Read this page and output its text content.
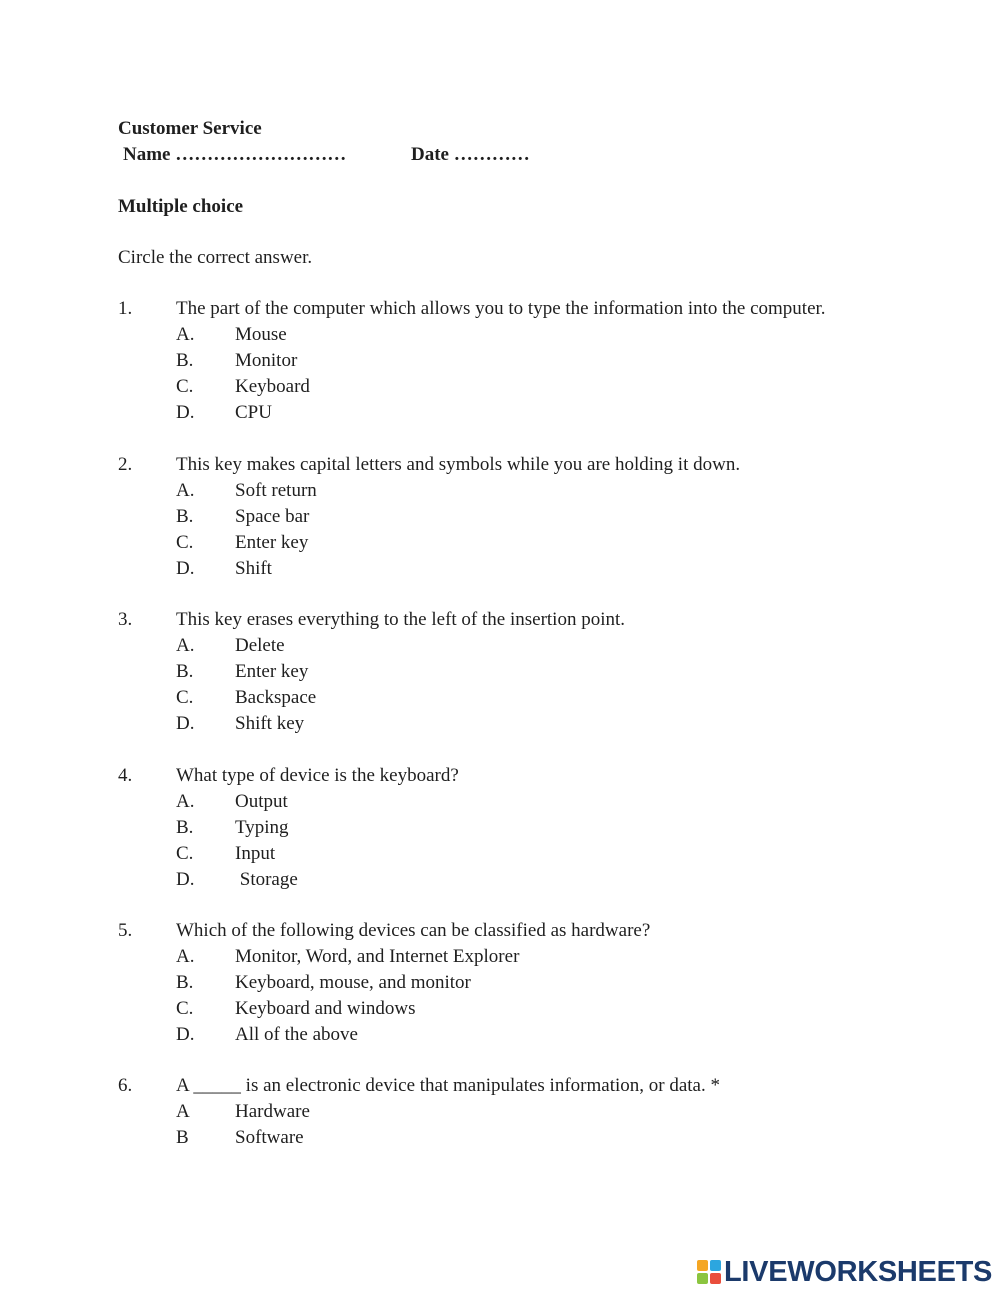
Customer Service
Name ………………………	Date …………
Multiple choice
Circle the correct answer.
1. The part of the computer which allows you to type the information into the computer.
A. Mouse
B. Monitor
C. Keyboard
D. CPU
2. This key makes capital letters and symbols while you are holding it down.
A. Soft return
B. Space bar
C. Enter key
D. Shift
3. This key erases everything to the left of the insertion point.
A. Delete
B. Enter key
C. Backspace
D. Shift key
4. What type of device is the keyboard?
A. Output
B. Typing
C. Input
D. Storage
5. Which of the following devices can be classified as hardware?
A. Monitor, Word, and Internet Explorer
B. Keyboard, mouse, and monitor
C. Keyboard and windows
D. All of the above
6. A _____ is an electronic device that manipulates information, or data. *
A Hardware
B Software
LIVEWORKSHEETS
